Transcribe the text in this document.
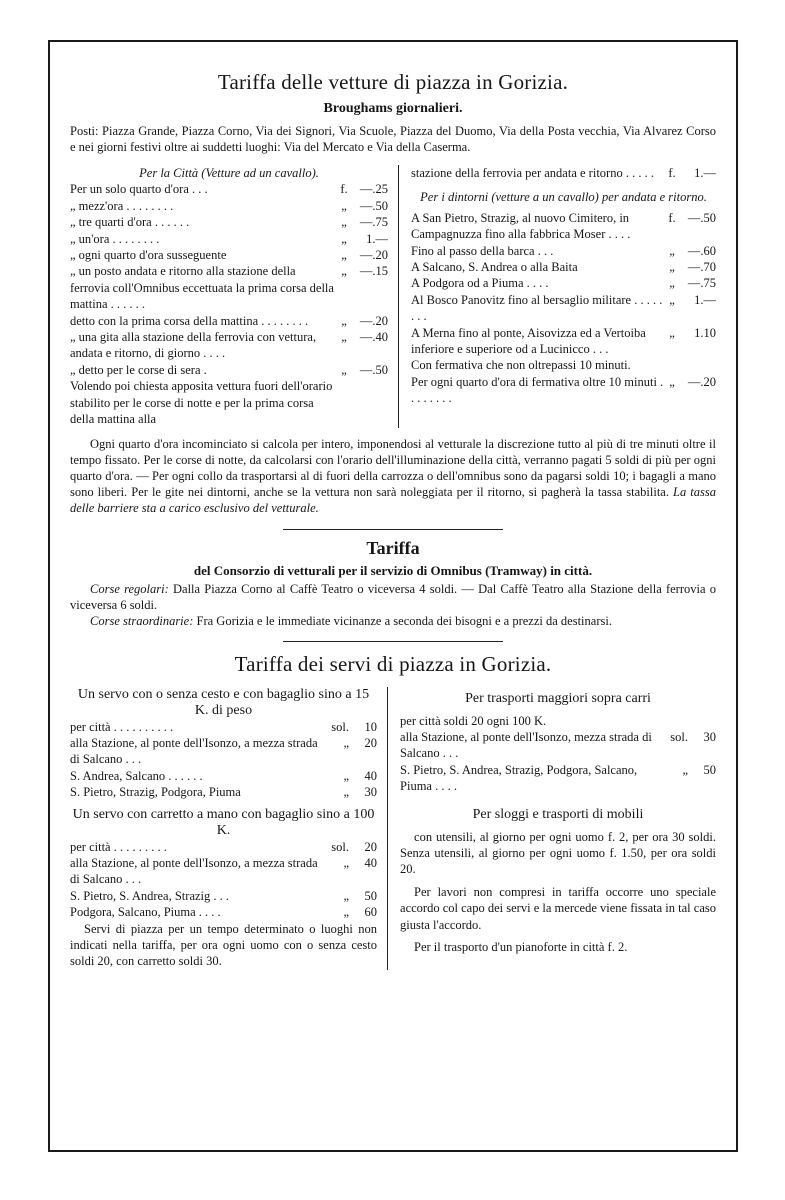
Tariffa delle vetture di piazza in Gorizia.
Broughams giornalieri.
Posti: Piazza Grande, Piazza Corno, Via dei Signori, Via Scuole, Piazza del Duomo, Via della Posta vecchia, Via Alvarez Corso e nei giorni festivi oltre ai suddetti luoghi: Via del Mercato e Via della Caserma.
Per la Città (Vetture ad un cavallo).
Per un solo quarto d'ora . . .	f. —.25
„ mezz'ora . . . . . . . .	„	—.50
„ tre quarti d'ora . . . . . .	„	—.75
„ un'ora . . . . . . . .	„	1.—
„ ogni quarto d'ora susseguente	„	—.20
„ un posto andata e ritorno alla stazione della ferrovia coll'Omnibus eccettuata la prima corsa della mattina . . . . . .
„	—.15
detto con la prima corsa della mattina . . . . . . . .	„	—.20
„ una gita alla stazione della ferrovia con vettura, andata e ritorno, di giorno . . . .
„	—.40
„ detto per le corse di sera .	„	—.50
Volendo poi chiesta apposita vettura fuori dell'orario stabilito per le corse di notte e per la prima corsa della mattina alla
stazione della ferrovia per andata e ritorno . . . . .	f.	1.—
Per i dintorni (vetture a un cavallo) per andata e ritorno.
A San Pietro, Strazig, al nuovo Cimitero, in Campagnuzza fino alla fabbrica Moser . . . .
f. —.50
Fino al passo della barca . . .	„	—.60
A Salcano, S. Andrea o alla Baita	„	—.70
A Podgora od a Piuma . . . .	„	—.75
Al Bosco Panovitz fino al bersaglio militare . . . . . . . .
„	1.—
A Merna fino al ponte, Aisovizza ed a Vertoiba inferiore e superiore od a Lucinicco . . .
„	1.10
Con fermativa che non oltrepassi 10 minuti.
Per ogni quarto d'ora di fermativa oltre 10 minuti . . . . . . . .
„	—.20
Ogni quarto d'ora incominciato si calcola per intero, imponendosi al vetturale la discrezione tutto al più di tre minuti oltre il tempo fissato. Per le corse di notte, da calcolarsi con l'orario dell'illuminazione della città, verranno pagati 5 soldi di più per ogni quarto d'ora. — Per ogni collo da trasportarsi al di fuori della carrozza o dell'omnibus sono da pagarsi soldi 10; i bagagli a mano sono liberi. Per le gite nei dintorni, anche se la vettura non sarà noleggiata per il ritorno, si pagherà la tassa stabilita. La tassa delle barriere sta a carico esclusivo del vetturale.
Tariffa
del Consorzio di vetturali per il servizio di Omnibus (Tramway) in città.
Corse regolari: Dalla Piazza Corno al Caffè Teatro o viceversa 4 soldi. — Dal Caffè Teatro alla Stazione della ferrovia o viceversa 6 soldi.
Corse straordinarie: Fra Gorizia e le immediate vicinanze a seconda dei bisogni e a prezzi da destinarsi.
Tariffa dei servi di piazza in Gorizia.
Un servo con o senza cesto e con bagaglio sino a 15 K. di peso
per città . . . . . . . . . .	sol.	10
alla Stazione, al ponte dell'Isonzo, a mezza strada di Salcano . . .
„	20
S. Andrea, Salcano . . . . . .	„	40
S. Pietro, Strazig, Podgora, Piuma	„	30
Un servo con carretto a mano con bagaglio sino a 100 K.
per città . . . . . . . . .	sol.	20
alla Stazione, al ponte dell'Isonzo, a mezza strada di Salcano . . .
„	40
S. Pietro, S. Andrea, Strazig . . .	„	50
Podgora, Salcano, Piuma . . . .	„	60
Servi di piazza per un tempo determinato o luoghi non indicati nella tariffa, per ora ogni uomo con o senza cesto soldi 20, con carretto soldi 30.
Per trasporti maggiori sopra carri
per città soldi 20 ogni 100 K.
alla Stazione, al ponte dell'Isonzo, mezza strada di Salcano . . .
sol.	30
S. Pietro, S. Andrea, Strazig, Podgora, Salcano, Piuma . . . .
„	50
Per sloggi e trasporti di mobili
con utensili, al giorno per ogni uomo f. 2, per ora 30 soldi. Senza utensili, al giorno per ogni uomo f. 1.50, per ora soldi 20.
Per lavori non compresi in tariffa occorre uno speciale accordo col capo dei servi e la mercede viene fissata in tal caso giusta l'accordo.
Per il trasporto d'un pianoforte in città f. 2.
